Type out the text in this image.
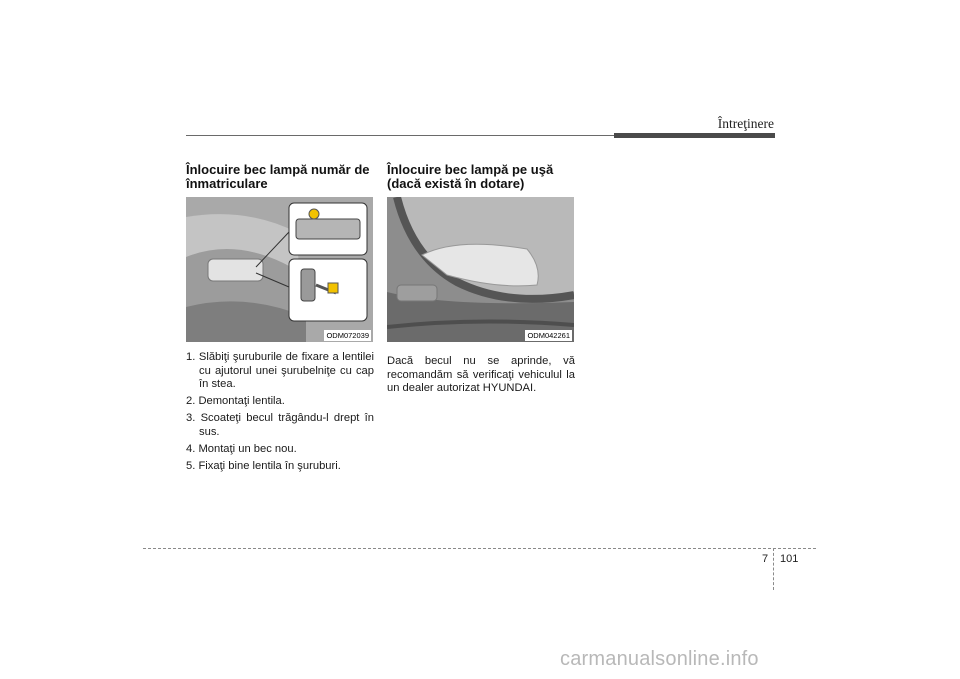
Întreţinere
Înlocuire bec lampă număr de
înmatriculare
ODM072039
1. Slăbiţi şuruburile de fixare a lentilei cu ajutorul unei şurubelniţe cu cap în stea.
2. Demontaţi lentila.
3. Scoateţi becul trăgându-l drept în sus.
4. Montaţi un bec nou.
5. Fixaţi bine lentila în şuruburi.
Înlocuire bec lampă pe uşă
(dacă există în dotare)
ODM042261

Dacă becul nu se aprinde, vă recomandăm să verificaţi vehiculul la un dealer autorizat HYUNDAI.

7 101
carmanualsonline.info
